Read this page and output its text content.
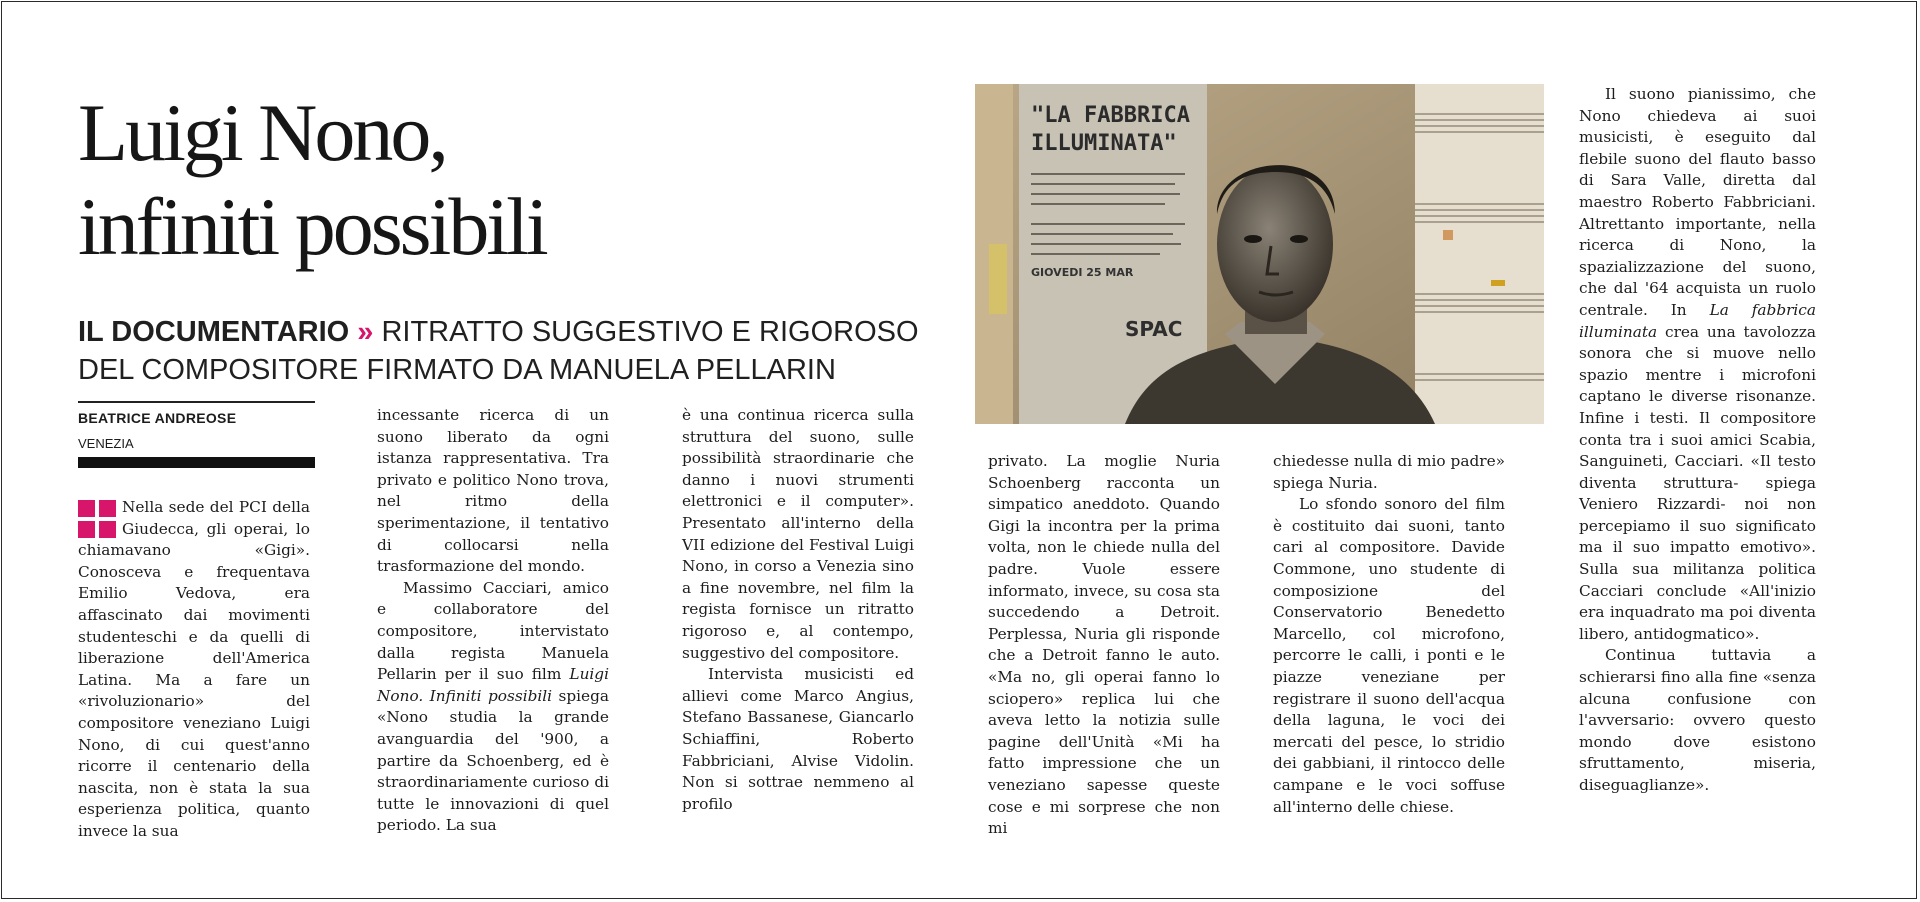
Luigi Nono,
infiniti possibili
IL DOCUMENTARIO » RITRATTO SUGGESTIVO E RIGOROSO
DEL COMPOSITORE FIRMATO DA MANUELA PELLARIN
BEATRICE ANDREOSE
VENEZIA

Nella sede del PCI della Giudecca, gli operai, lo chiamavano «Gigi». Conosceva e frequentava Emilio Vedova, era affascinato dai movimenti studenteschi e da quelli di liberazione dell'America Latina. Ma a fare un «rivoluzionario» del compositore veneziano Luigi Nono, di cui quest'anno ricorre il centenario della nascita, non è stata la sua esperienza politica, quanto invece la sua

incessante ricerca di un suono liberato da ogni istanza rappresentativa. Tra privato e politico Nono trova, nel ritmo della sperimentazione, il tentativo di collocarsi nella trasformazione del mondo.

Massimo Cacciari, amico e collaboratore del compositore, intervistato dalla regista Manuela Pellarin per il suo film Luigi Nono. Infiniti possibili spiega «Nono studia la grande avanguardia del '900, a partire da Schoenberg, ed è straordinariamente curioso di tutte le innovazioni di quel periodo. La sua

è una continua ricerca sulla struttura del suono, sulle possibilità straordinarie che danno i nuovi strumenti elettronici e il computer». Presentato all'interno della VII edizione del Festival Luigi Nono, in corso a Venezia sino a fine novembre, nel film la regista fornisce un ritratto rigoroso e, al contempo, suggestivo del compositore.

Intervista musicisti ed allievi come Marco Angius, Stefano Bassanese, Giancarlo Schiaffini, Roberto Fabbriciani, Alvise Vidolin. Non si sottrae nemmeno al profilo

privato. La moglie Nuria Schoenberg racconta un simpatico aneddoto. Quando Gigi la incontra per la prima volta, non le chiede nulla del padre. Vuole essere informato, invece, su cosa sta succedendo a Detroit. Perplessa, Nuria gli risponde che a Detroit fanno le auto. «Ma no, gli operai fanno lo sciopero» replica lui che aveva letto la notizia sulle pagine dell'Unità «Mi ha fatto impressione che un veneziano sapesse queste cose e mi sorprese che non mi

chiedesse nulla di mio padre» spiega Nuria.

Lo sfondo sonoro del film è costituito dai suoni, tanto cari al compositore. Davide Commone, uno studente di composizione del Conservatorio Benedetto Marcello, col microfono, percorre le calli, i ponti e le piazze veneziane per registrare il suono dell'acqua della laguna, le voci dei mercati del pesce, lo stridio dei gabbiani, il rintocco delle campane e le voci soffuse all'interno delle chiese.

Il suono pianissimo, che Nono chiedeva ai suoi musicisti, è eseguito dal flebile suono del flauto basso di Sara Valle, diretta dal maestro Roberto Fabbriciani. Altrettanto importante, nella ricerca di Nono, la spazializzazione del suono, che dal '64 acquista un ruolo centrale. In La fabbrica illuminata crea una tavolozza sonora che si muove nello spazio mentre i microfoni captano le diverse risonanze. Infine i testi. Il compositore conta tra i suoi amici Scabia, Sanguineti, Cacciari. «Il testo diventa struttura- spiega Veniero Rizzardi- noi non percepiamo il suo significato ma il suo impatto emotivo». Sulla sua militanza politica Cacciari conclude «All'inizio era inquadrato ma poi diventa libero, antidogmatico».

Continua tuttavia a schierarsi fino alla fine «senza alcuna confusione con l'avversario: ovvero questo mondo dove esistono sfruttamento, miseria, diseguaglianze».

"LA FABBRICA
ILLUMINATA"
GIOVEDI 25 MAR
SPAC
